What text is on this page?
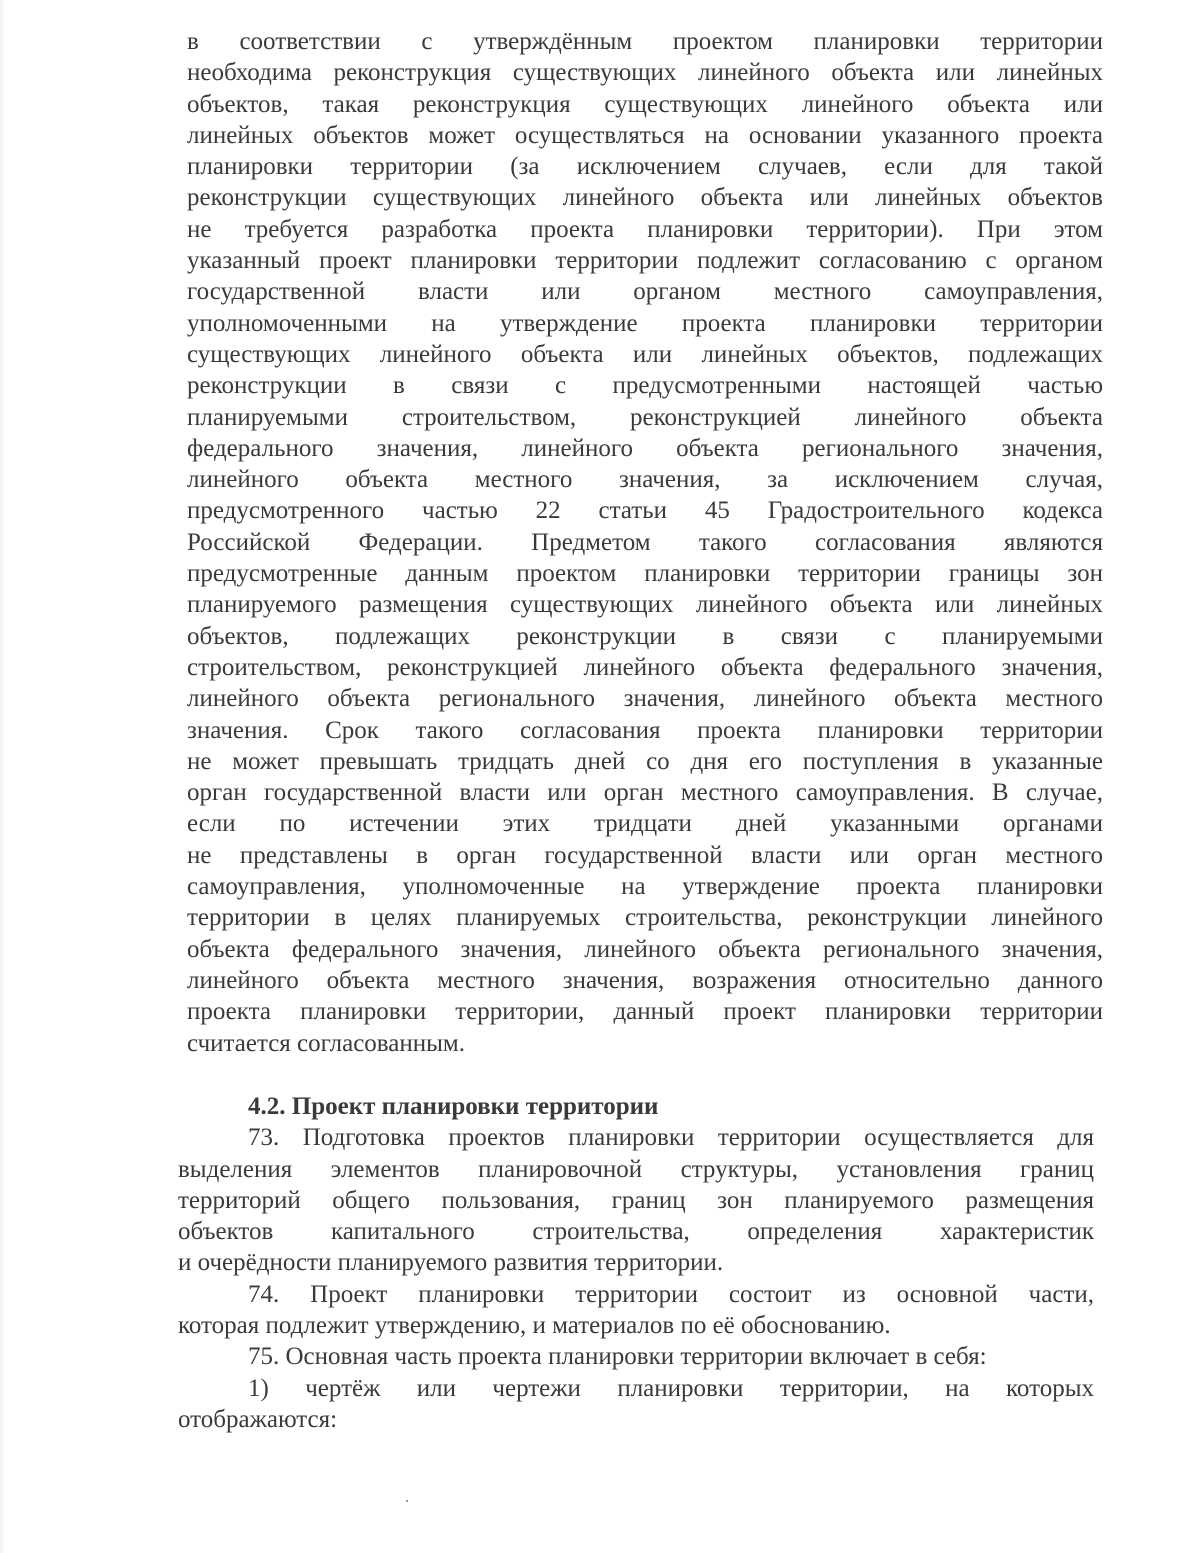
в соответствии с утверждённым проектом планировки территории
необходима реконструкция существующих линейного объекта или линейных
объектов, такая реконструкция существующих линейного объекта или
линейных объектов может осуществляться на основании указанного проекта
планировки территории (за исключением случаев, если для такой
реконструкции существующих линейного объекта или линейных объектов
не требуется разработка проекта планировки территории). При этом
указанный проект планировки территории подлежит согласованию с органом
государственной власти или органом местного самоуправления,
уполномоченными на утверждение проекта планировки территории
существующих линейного объекта или линейных объектов, подлежащих
реконструкции в связи с предусмотренными настоящей частью
планируемыми строительством, реконструкцией линейного объекта
федерального значения, линейного объекта регионального значения,
линейного объекта местного значения, за исключением случая,
предусмотренного частью 22 статьи 45 Градостроительного кодекса
Российской Федерации. Предметом такого согласования являются
предусмотренные данным проектом планировки территории границы зон
планируемого размещения существующих линейного объекта или линейных
объектов, подлежащих реконструкции в связи с планируемыми
строительством, реконструкцией линейного объекта федерального значения,
линейного объекта регионального значения, линейного объекта местного
значения. Срок такого согласования проекта планировки территории
не может превышать тридцать дней со дня его поступления в указанные
орган государственной власти или орган местного самоуправления. В случае,
если по истечении этих тридцати дней указанными органами
не представлены в орган государственной власти или орган местного
самоуправления, уполномоченные на утверждение проекта планировки
территории в целях планируемых строительства, реконструкции линейного
объекта федерального значения, линейного объекта регионального значения,
линейного объекта местного значения, возражения относительно данного
проекта планировки территории, данный проект планировки территории
считается согласованным.
4.2. Проект планировки территории
73. Подготовка проектов планировки территории осуществляется для
выделения элементов планировочной структуры, установления границ
территорий общего пользования, границ зон планируемого размещения
объектов капитального строительства, определения характеристик
и очерёдности планируемого развития территории.
74. Проект планировки территории состоит из основной части,
которая подлежит утверждению, и материалов по её обоснованию.
75. Основная часть проекта планировки территории включает в себя:
1) чертёж или чертежи планировки территории, на которых
отображаются:
